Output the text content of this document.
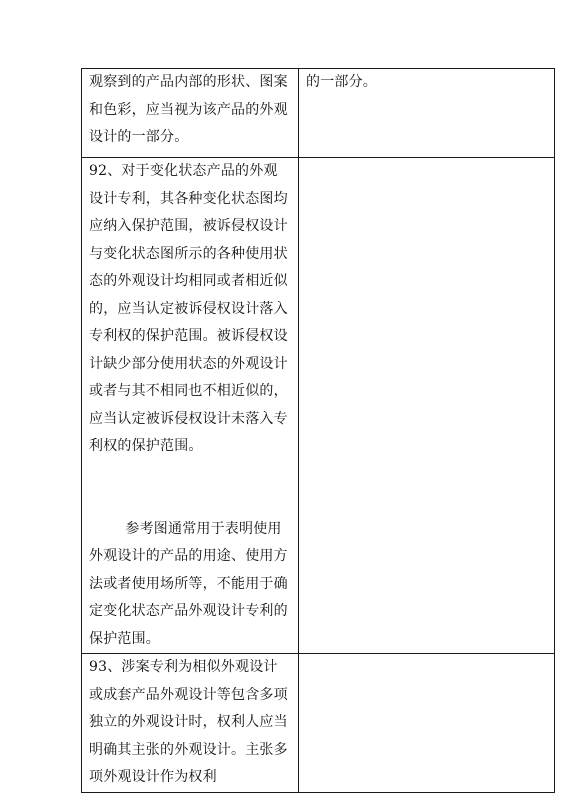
观察到的产品内部的形状、图案和色彩，应当视为该产品的外观设计的一部分。	的一部分。

92、对于变化状态产品的外观设计专利，其各种变化状态图均应纳入保护范围，被诉侵权设计与变化状态图所示的各种使用状态的外观设计均相同或者相近似的，应当认定被诉侵权设计落入专利权的保护范围。被诉侵权设计缺少部分使用状态的外观设计或者与其不相同也不相近似的，应当认定被诉侵权设计未落入专利权的保护范围。

参考图通常用于表明使用外观设计的产品的用途、使用方法或者使用场所等，不能用于确定变化状态产品外观设计专利的保护范围。	

93、涉案专利为相似外观设计或成套产品外观设计等包含多项独立的外观设计时，权利人应当明确其主张的外观设计。主张多项外观设计作为权利	
